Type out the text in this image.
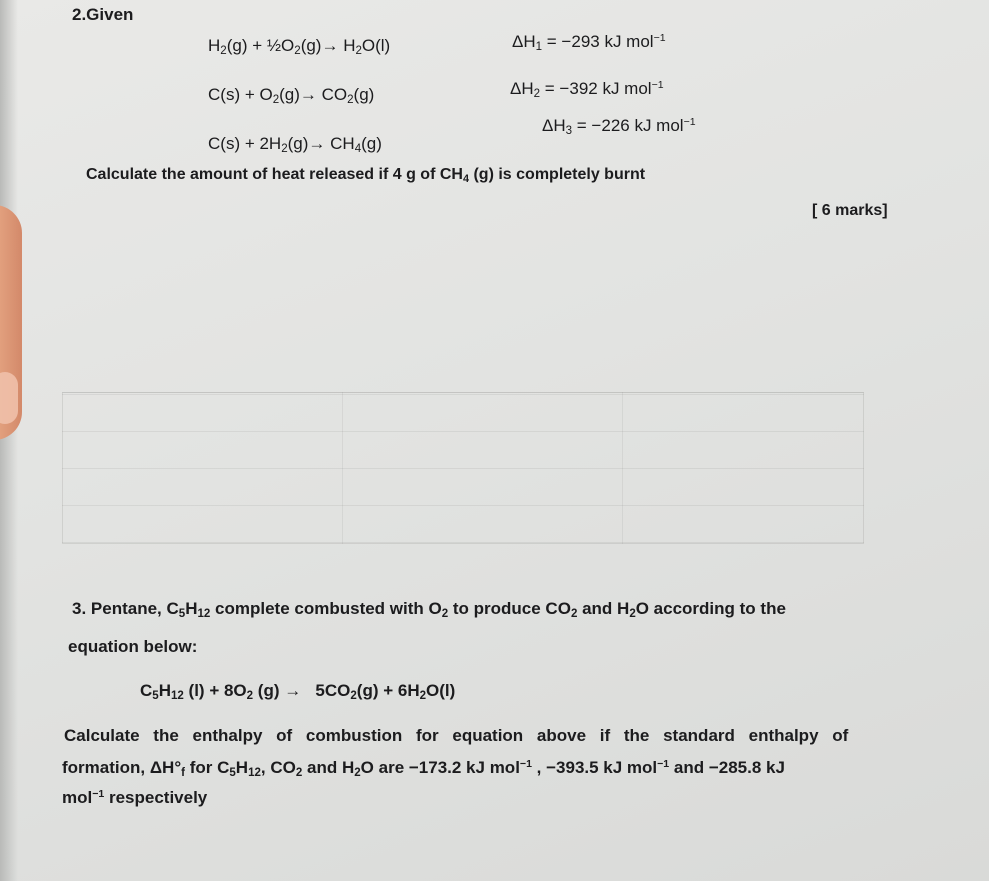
2.Given
$H_2(g)$ + $\frac{1}{2}O_2(g)\to H_2O(l)$	$\Delta H_1 = -293$ kJ mol$^{-1}$
$C(s) + O_2(g)\to CO_2(g)$	$\Delta H_2 = -392$ kJ mol$^{-1}$
$C(s) + 2H_2(g)\to CH_4(g)$
$\Delta H_3 = -226$ kJ mol$^{-1}$
Calculate the amount of heat released if 4 g of $CH_4$ (g) is completely burnt
[ 6 marks]
3. Pentane, $C_5H_{12}$ complete combusted with $O_2$ to produce $CO_2$ and $H_2O$ according to the
equation below:
$C_5H_{12}$ $(l) + 8O_2$ $(g) \to 5CO_2(g) + 6H_2O(l)$
Calculate the enthalpy of combustion for equation above if the standard enthalpy of
formation, $\Delta H^\circ_f$ for $C_5H_{12}$, $CO_2$ and $H_2O$ are −173.2 kJ mol$^{-1}$ , −393.5 kJ mol$^{-1}$ and −285.8 kJ
mol$^{-1}$ respectively
